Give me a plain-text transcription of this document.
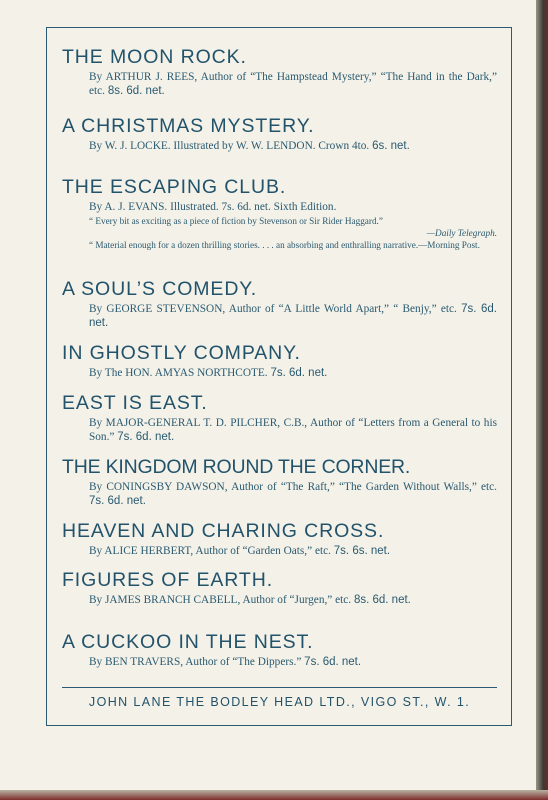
THE MOON ROCK.
By ARTHUR J. REES, Author of “The Hampstead Mystery,” “The Hand in the Dark,” etc. 8s. 6d. net.
A CHRISTMAS MYSTERY.
By W. J. LOCKE. Illustrated by W. W. LENDON. Crown 4to. 6s. net.
THE ESCAPING CLUB.
By A. J. EVANS. Illustrated. 7s. 6d. net. Sixth Edition.
“ Every bit as exciting as a piece of fiction by Stevenson or Sir Rider Haggard.”
—Daily Telegraph.
“ Material enough for a dozen thrilling stories. . . . an absorbing and enthralling narrative.—Morning Post.
A SOUL’S COMEDY.
By GEORGE STEVENSON, Author of “A Little World Apart,” “ Benjy,” etc. 7s. 6d. net.
IN GHOSTLY COMPANY.
By The HON. AMYAS NORTHCOTE. 7s. 6d. net.
EAST IS EAST.
By MAJOR-GENERAL T. D. PILCHER, C.B., Author of “Letters from a General to his Son.” 7s. 6d. net.
THE KINGDOM ROUND THE CORNER.
By CONINGSBY DAWSON, Author of “The Raft,” “The Garden Without Walls,” etc. 7s. 6d. net.
HEAVEN AND CHARING CROSS.
By ALICE HERBERT, Author of “Garden Oats,” etc. 7s. 6s. net.
FIGURES OF EARTH.
By JAMES BRANCH CABELL, Author of “Jurgen,” etc. 8s. 6d. net.
A CUCKOO IN THE NEST.
By BEN TRAVERS, Author of “The Dippers.” 7s. 6d. net.
JOHN LANE THE BODLEY HEAD LTD., VIGO ST., W. 1.
